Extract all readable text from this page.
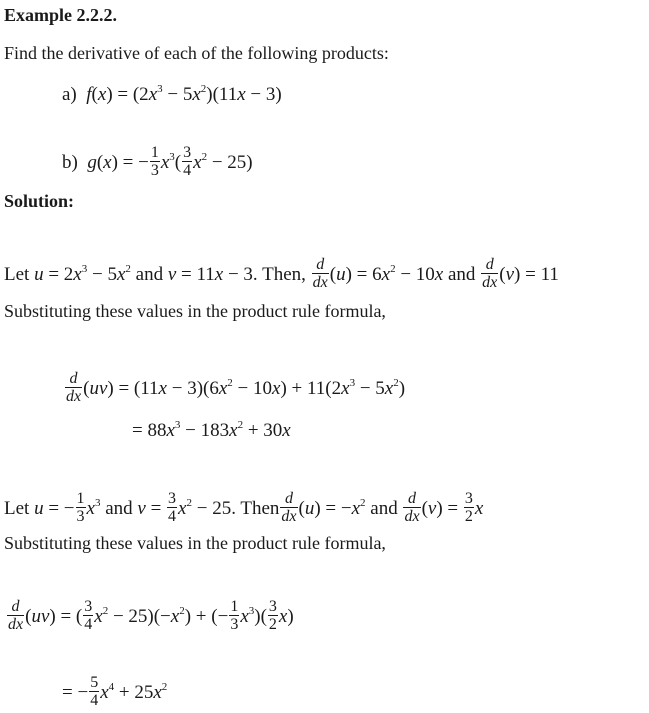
Example 2.2.2.
Find the derivative of each of the following products:
a) $f(x) = (2x^3 - 5x^2)(11x - 3)$
b) g(x) = − $\frac{1}{3} x^3( \frac{3}{4} x^2 - 25)$
Solution:
Let $u = 2x^3 - 5x^2$ and v = 11x − 3. Then, $\frac{d}{dx} (u) = 6x^2 - 10x$ and $\frac{d}{dx} (v) = 11$
Substituting these values in the product rule formula,
$\frac{d}{dx} (uv) = (11x - 3)(6x^2 - 10x) + 11(2x^3 - 5x^2)$
= $88x^3 - 183x^2 + 30x$
Let u = − $\frac{1}{3} x^3$ and $v = \frac{3}{4} x^2 - 25$. Then $\frac{d}{dx} (u) = -x^2$ and $\frac{d}{dx} (v) = \frac{3}{2}$ x
Substituting these values in the product rule formula,
$\frac{d}{dx} (uv)$ = ( $\frac{3}{4} x^2 - 25)(-x^2)$ + (− $\frac{1}{3} x^3)( \frac{3}{2} x)$
= − $\frac{5}{4} x^4 + 25x^2$
